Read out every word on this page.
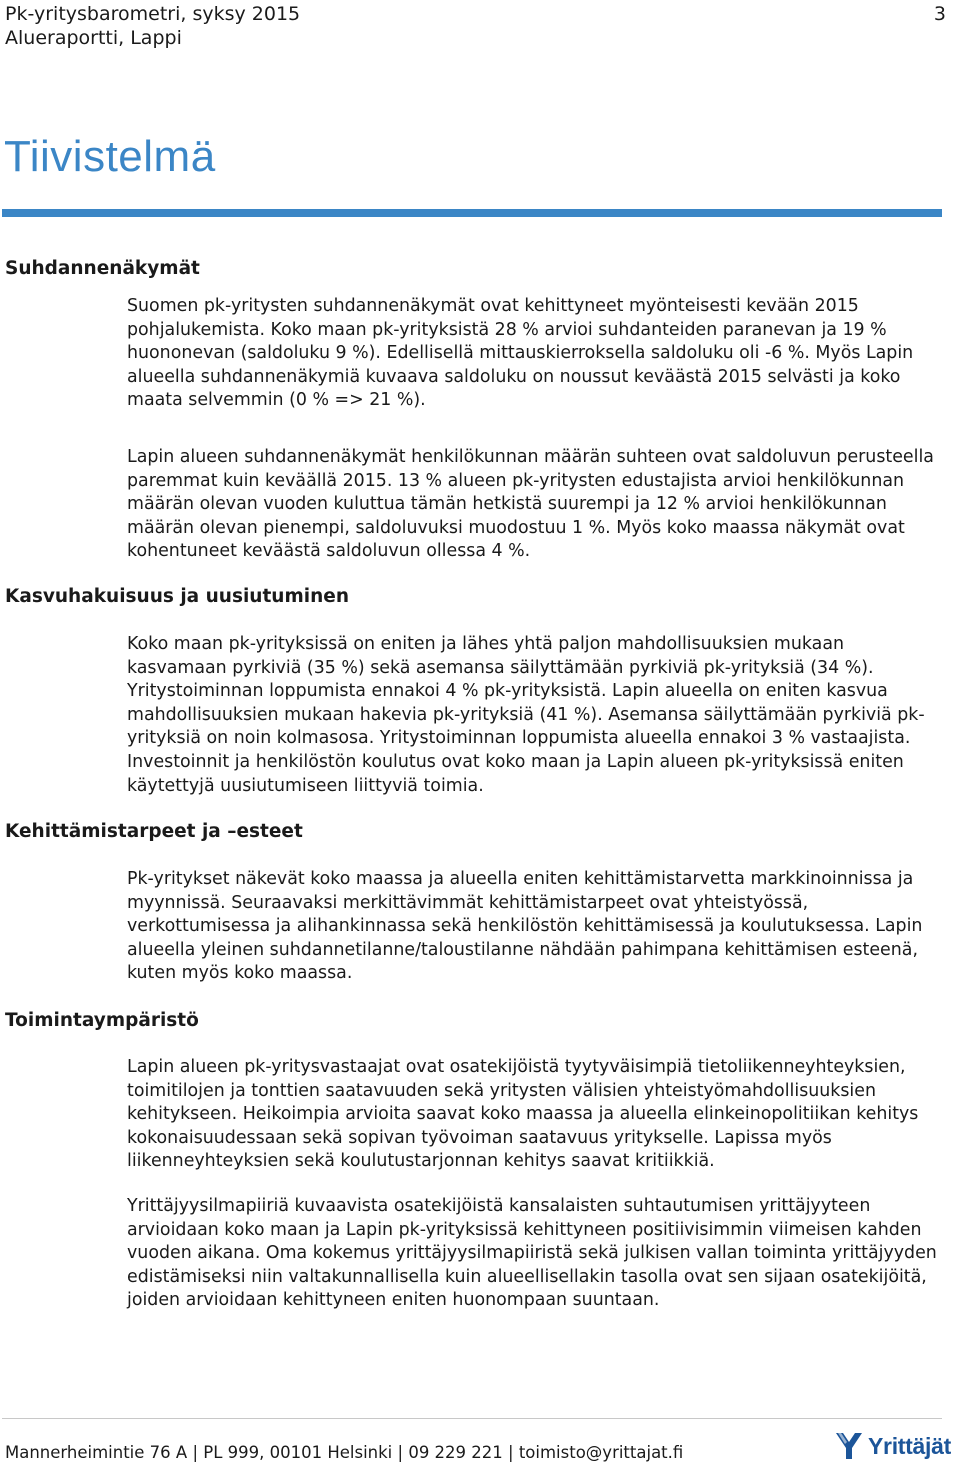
Pk-yritysbarometri, syksy 2015
Alueraportti, Lappi
3
Tiivistelmä
Suhdannenäkymät

Suomen pk-yritysten suhdannenäkymät ovat kehittyneet myönteisesti kevään 2015 pohjalukemista. Koko maan pk-yrityksistä 28 % arvioi suhdanteiden paranevan ja 19 % huononevan (saldoluku 9 %). Edellisellä mittauskierroksella saldoluku oli -6 %. Myös Lapin alueella suhdannenäkymiä kuvaava saldoluku on noussut keväästä 2015 selvästi ja koko maata selvemmin (0 % => 21 %).

Lapin alueen suhdannenäkymät henkilökunnan määrän suhteen ovat saldoluvun perusteella paremmat kuin keväällä 2015. 13 % alueen pk-yritysten edustajista arvioi henkilökunnan määrän olevan vuoden kuluttua tämän hetkistä suurempi ja 12 % arvioi henkilökunnan määrän olevan pienempi, saldoluvuksi muodostuu 1 %. Myös koko maassa näkymät ovat kohentuneet keväästä saldoluvun ollessa 4 %.

Kasvuhakuisuus ja uusiutuminen

Koko maan pk-yrityksissä on eniten ja lähes yhtä paljon mahdollisuuksien mukaan kasvamaan pyrkiviä (35 %) sekä asemansa säilyttämään pyrkiviä pk-yrityksiä (34 %). Yritystoiminnan loppumista ennakoi 4 % pk-yrityksistä. Lapin alueella on eniten kasvua mahdollisuuksien mukaan hakevia pk-yrityksiä (41 %). Asemansa säilyttämään pyrkiviä pk-yrityksiä on noin kolmasosa. Yritystoiminnan loppumista alueella ennakoi 3 % vastaajista. Investoinnit ja henkilöstön koulutus ovat koko maan ja Lapin alueen pk-yrityksissä eniten käytettyjä uusiutumiseen liittyviä toimia.

Kehittämistarpeet ja –esteet

Pk-yritykset näkevät koko maassa ja alueella eniten kehittämistarvetta markkinoinnissa ja myynnissä. Seuraavaksi merkittävimmät kehittämistarpeet ovat yhteistyössä, verkottumisessa ja alihankinnassa sekä henkilöstön kehittämisessä ja koulutuksessa. Lapin alueella yleinen suhdannetilanne/taloustilanne nähdään pahimpana kehittämisen esteenä, kuten myös koko maassa.

Toimintaympäristö

Lapin alueen pk-yritysvastaajat ovat osatekijöistä tyytyväisimpiä tietoliikenneyhteyksien, toimitilojen ja tonttien saatavuuden sekä yritysten välisien yhteistyömahdollisuuksien kehitykseen. Heikoimpia arvioita saavat koko maassa ja alueella elinkeinopolitiikan kehitys kokonaisuudessaan sekä sopivan työvoiman saatavuus yritykselle. Lapissa myös liikenneyhteyksien sekä koulutustarjonnan kehitys saavat kritiikkiä.

Yrittäjyysilmapiiriä kuvaavista osatekijöistä kansalaisten suhtautumisen yrittäjyyteen arvioidaan koko maan ja Lapin pk-yrityksissä kehittyneen positiivisimmin viimeisen kahden vuoden aikana. Oma kokemus yrittäjyysilmapiiristä sekä julkisen vallan toiminta yrittäjyyden edistämiseksi niin valtakunnallisella kuin alueellisellakin tasolla ovat sen sijaan osatekijöitä, joiden arvioidaan kehittyneen eniten huonompaan suuntaan.

Mannerheimintie 76 A | PL 999, 00101 Helsinki | 09 229 221 | toimisto@yrittajat.fi	Yrittäjät
